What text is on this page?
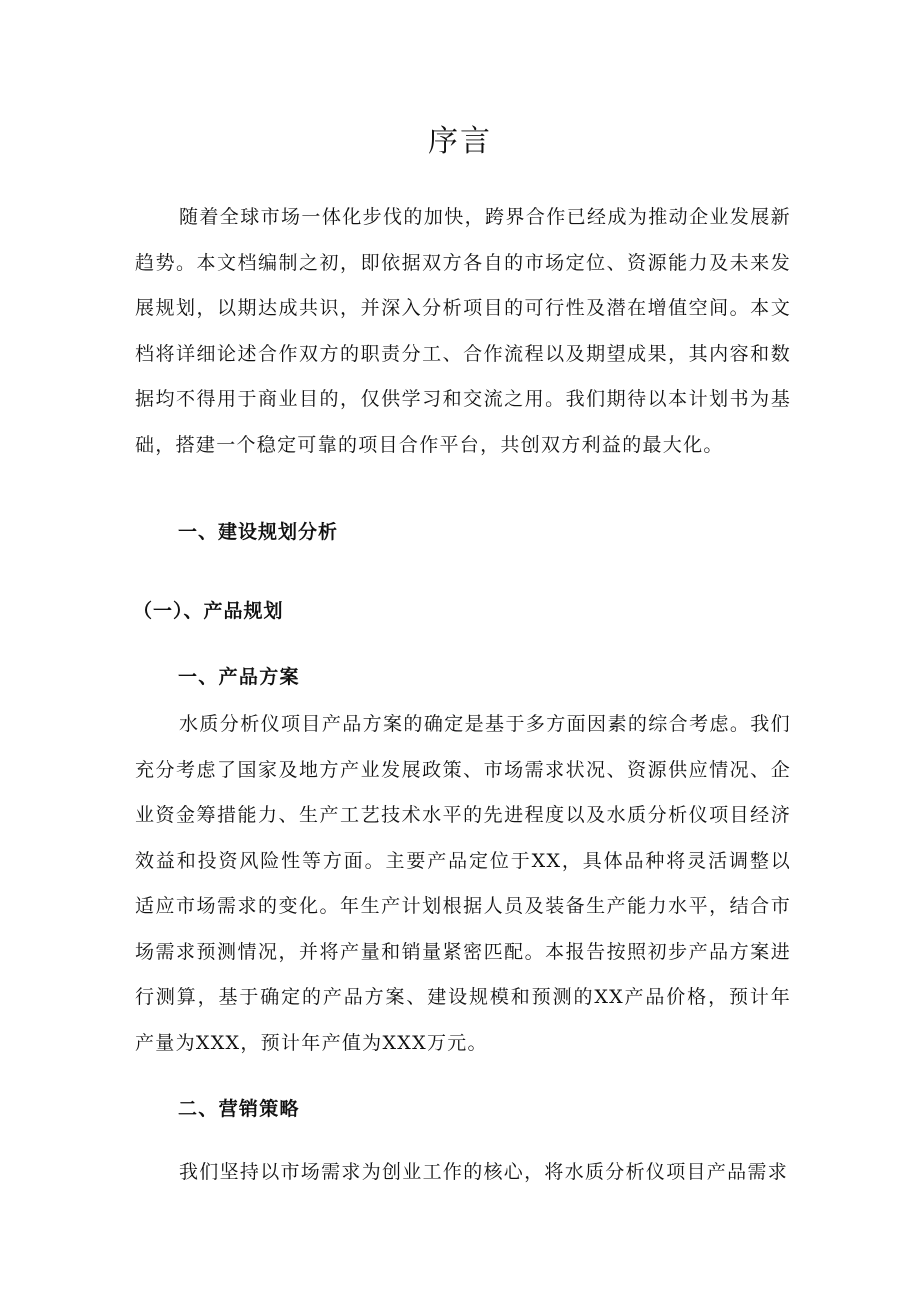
序言

随着全球市场一体化步伐的加快，跨界合作已经成为推动企业发展新趋势。本文档编制之初，即依据双方各自的市场定位、资源能力及未来发展规划，以期达成共识，并深入分析项目的可行性及潜在增值空间。本文档将详细论述合作双方的职责分工、合作流程以及期望成果，其内容和数据均不得用于商业目的，仅供学习和交流之用。我们期待以本计划书为基础，搭建一个稳定可靠的项目合作平台，共创双方利益的最大化。

一、建设规划分析
（一）、产品规划
一、产品方案

水质分析仪项目产品方案的确定是基于多方面因素的综合考虑。我们充分考虑了国家及地方产业发展政策、市场需求状况、资源供应情况、企业资金筹措能力、生产工艺技术水平的先进程度以及水质分析仪项目经济效益和投资风险性等方面。主要产品定位于XX，具体品种将灵活调整以适应市场需求的变化。年生产计划根据人员及装备生产能力水平，结合市场需求预测情况，并将产量和销量紧密匹配。本报告按照初步产品方案进行测算，基于确定的产品方案、建设规模和预测的XX产品价格，预计年产量为XXX，预计年产值为XXX万元。

二、营销策略

我们坚持以市场需求为创业工作的核心，将水质分析仪项目产品需求
